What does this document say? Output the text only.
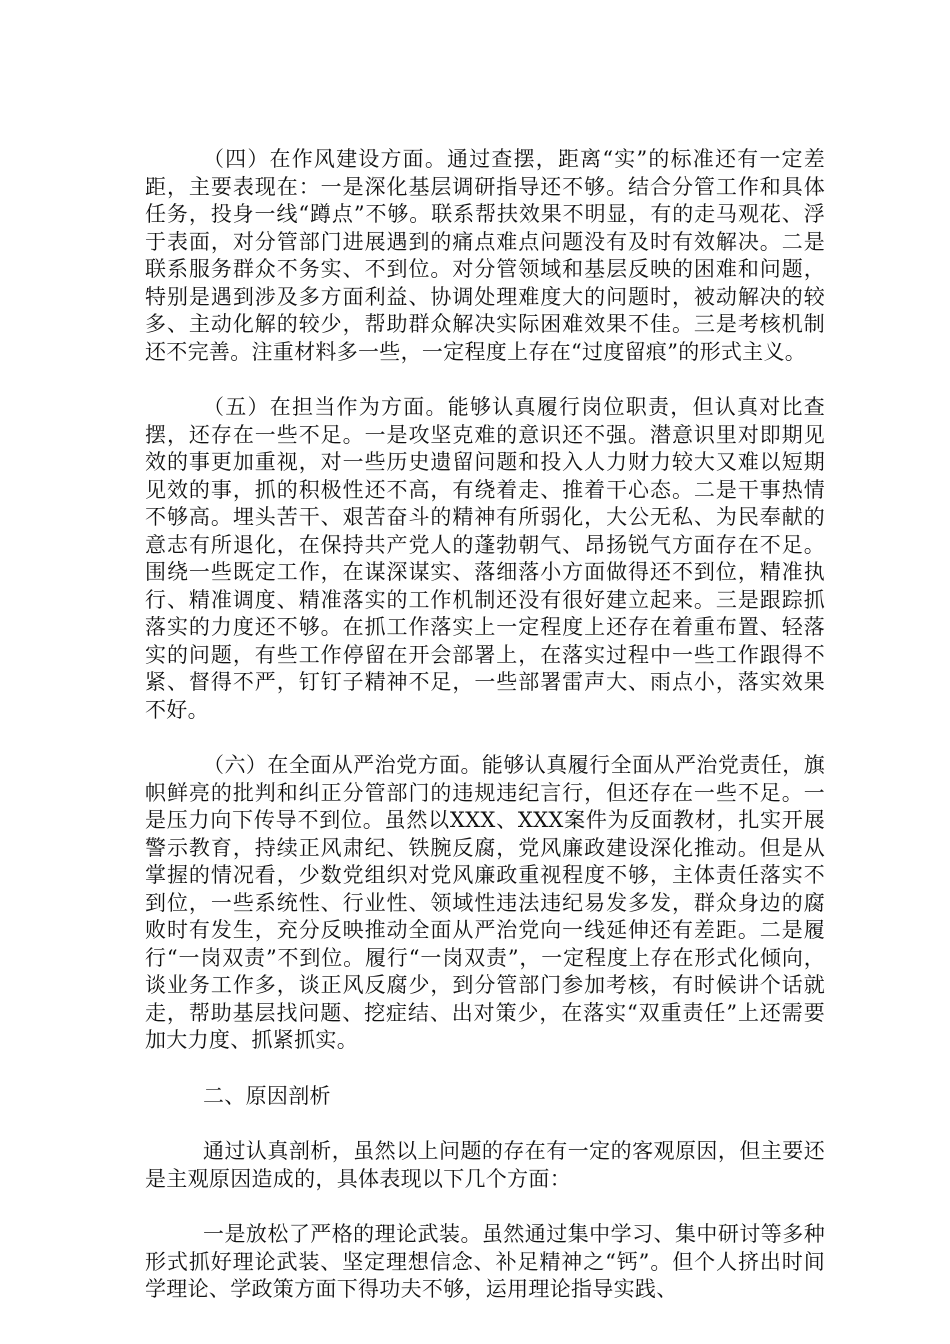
（四）在作风建设方面。通过查摆，距离“实”的标准还有一定差距，主要表现在：一是深化基层调研指导还不够。结合分管工作和具体任务，投身一线“蹲点”不够。联系帮扶效果不明显，有的走马观花、浮于表面，对分管部门进展遇到的痛点难点问题没有及时有效解决。二是联系服务群众不务实、不到位。对分管领域和基层反映的困难和问题，特别是遇到涉及多方面利益、协调处理难度大的问题时，被动解决的较多、主动化解的较少，帮助群众解决实际困难效果不佳。三是考核机制还不完善。注重材料多一些，一定程度上存在“过度留痕”的形式主义。

（五）在担当作为方面。能够认真履行岗位职责，但认真对比查摆，还存在一些不足。一是攻坚克难的意识还不强。潜意识里对即期见效的事更加重视，对一些历史遗留问题和投入人力财力较大又难以短期见效的事，抓的积极性还不高，有绕着走、推着干心态。二是干事热情不够高。埋头苦干、艰苦奋斗的精神有所弱化，大公无私、为民奉献的意志有所退化，在保持共产党人的蓬勃朝气、昂扬锐气方面存在不足。围绕一些既定工作，在谋深谋实、落细落小方面做得还不到位，精准执行、精准调度、精准落实的工作机制还没有很好建立起来。三是跟踪抓落实的力度还不够。在抓工作落实上一定程度上还存在着重布置、轻落实的问题，有些工作停留在开会部署上，在落实过程中一些工作跟得不紧、督得不严，钉钉子精神不足，一些部署雷声大、雨点小，落实效果不好。

（六）在全面从严治党方面。能够认真履行全面从严治党责任，旗帜鲜亮的批判和纠正分管部门的违规违纪言行，但还存在一些不足。一是压力向下传导不到位。虽然以XXX、XXX案件为反面教材，扎实开展警示教育，持续正风肃纪、铁腕反腐，党风廉政建设深化推动。但是从掌握的情况看，少数党组织对党风廉政重视程度不够，主体责任落实不到位，一些系统性、行业性、领域性违法违纪易发多发，群众身边的腐败时有发生，充分反映推动全面从严治党向一线延伸还有差距。二是履行“一岗双责”不到位。履行“一岗双责”，一定程度上存在形式化倾向，谈业务工作多，谈正风反腐少，到分管部门参加考核，有时候讲个话就走，帮助基层找问题、挖症结、出对策少，在落实“双重责任”上还需要加大力度、抓紧抓实。

二、原因剖析

通过认真剖析，虽然以上问题的存在有一定的客观原因，但主要还是主观原因造成的，具体表现以下几个方面：

一是放松了严格的理论武装。虽然通过集中学习、集中研讨等多种形式抓好理论武装、坚定理想信念、补足精神之“钙”。但个人挤出时间学理论、学政策方面下得功夫不够，运用理论指导实践、
